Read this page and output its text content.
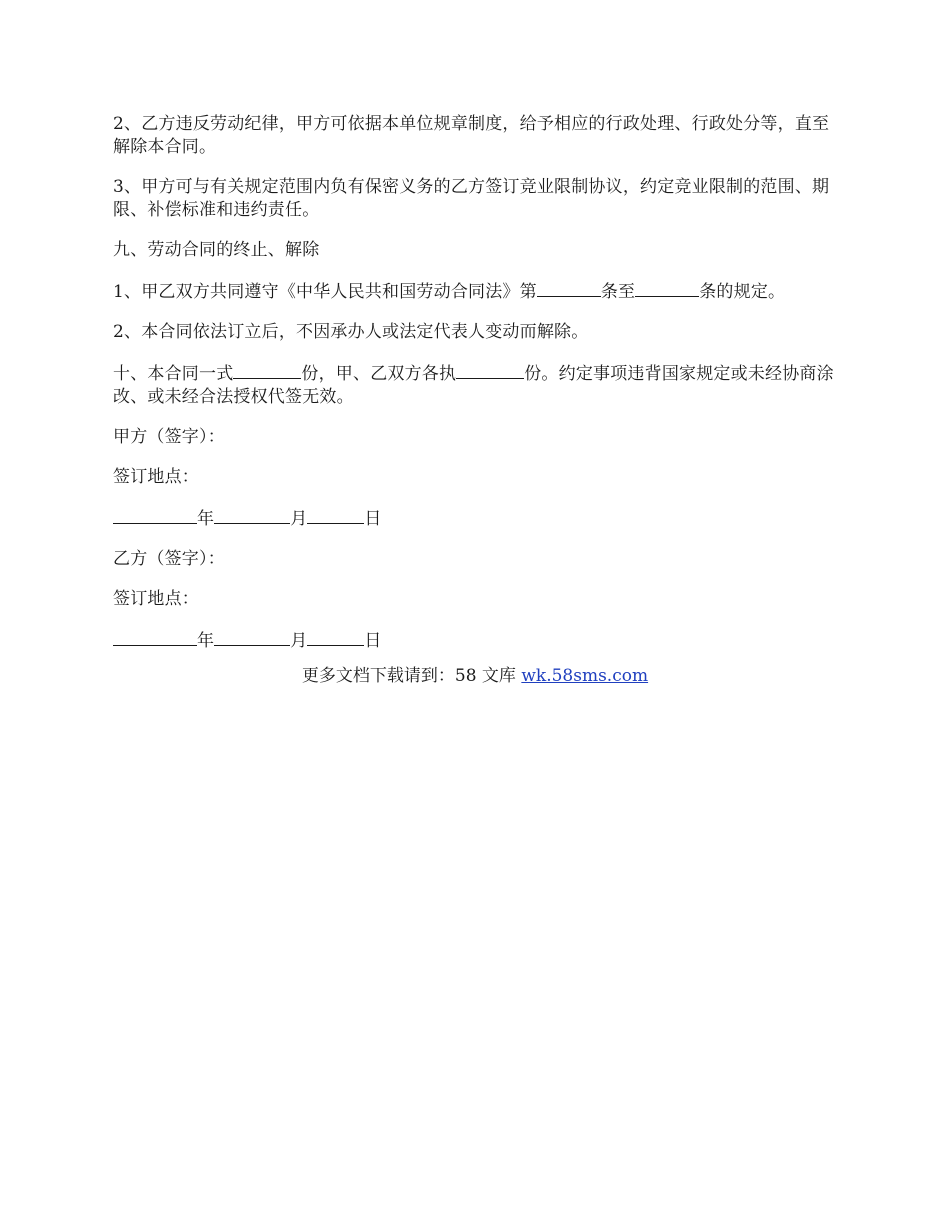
2、乙方违反劳动纪律，甲方可依据本单位规章制度，给予相应的行政处理、行政处分等，直至解除本合同。

3、甲方可与有关规定范围内负有保密义务的乙方签订竞业限制协议，约定竞业限制的范围、期限、补偿标准和违约责任。

九、劳动合同的终止、解除

1、甲乙双方共同遵守《中华人民共和国劳动合同法》第	条至	条的规定。

2、本合同依法订立后，不因承办人或法定代表人变动而解除。

十、本合同一式	份，甲、乙双方各执	份。约定事项违背国家规定或未经协商涂改、或未经合法授权代签无效。

甲方（签字）：

签订地点：

年	月	日

乙方（签字）：

签订地点：

年	月	日

更多文档下载请到：58 文库 wk.58sms.com
